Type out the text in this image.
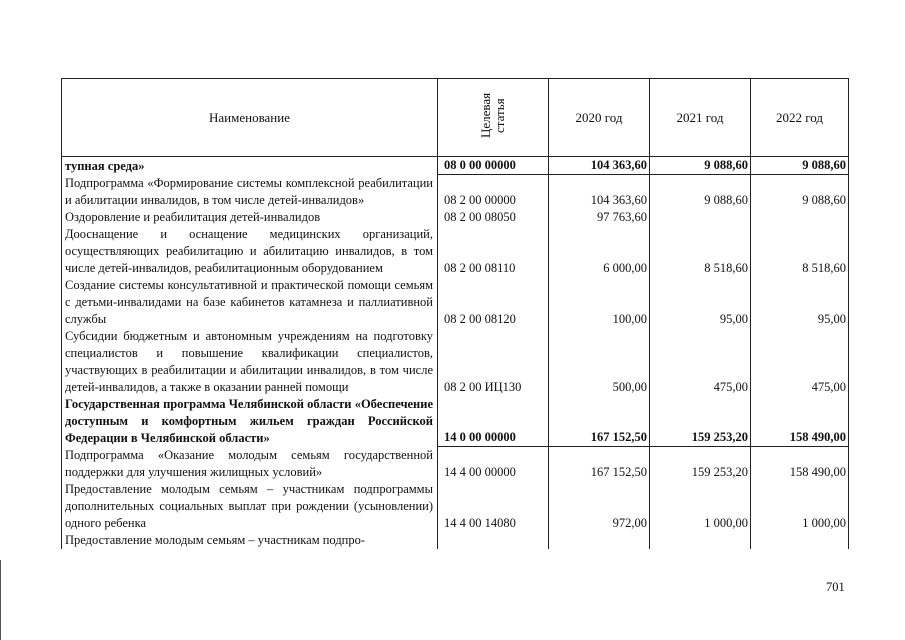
Наименование	Целевая статья	2020 год	2021 год	2022 год
тупная среда»	08 0 00 00000	104 363,60	9 088,60	9 088,60
Подпрограмма «Формирование системы комплексной реабилитации и абилитации инвалидов, в том числе детей-инвалидов»	08 2 00 00000	104 363,60	9 088,60	9 088,60
Оздоровление и реабилитация детей-инвалидов	08 2 00 08050	97 763,60		
Дооснащение и оснащение медицинских организаций, осуществляющих реабилитацию и абилитацию инвалидов, в том числе детей-инвалидов, реабилитационным оборудованием	08 2 00 08110	6 000,00	8 518,60	8 518,60
Создание системы консультативной и практической помощи семьям с детьми-инвалидами на базе кабинетов катамнеза и паллиативной службы	08 2 00 08120	100,00	95,00	95,00
Субсидии бюджетным и автономным учреждениям на подготовку специалистов и повышение квалификации специалистов, участвующих в реабилитации и абилитации инвалидов, в том числе детей-инвалидов, а также в оказании ранней помощи	08 2 00 ИЦ130	500,00	475,00	475,00
Государственная программа Челябинской области «Обеспечение доступным и комфортным жильем граждан Российской Федерации в Челябинской области»	14 0 00 00000	167 152,50	159 253,20	158 490,00
Подпрограмма «Оказание молодым семьям государственной поддержки для улучшения жилищных условий»	14 4 00 00000	167 152,50	159 253,20	158 490,00
Предоставление молодым семьям – участникам подпрограммы дополнительных социальных выплат при рождении (усыновлении) одного ребенка	14 4 00 14080	972,00	1 000,00	1 000,00
Предоставление молодым семьям – участникам подпро-				
701
